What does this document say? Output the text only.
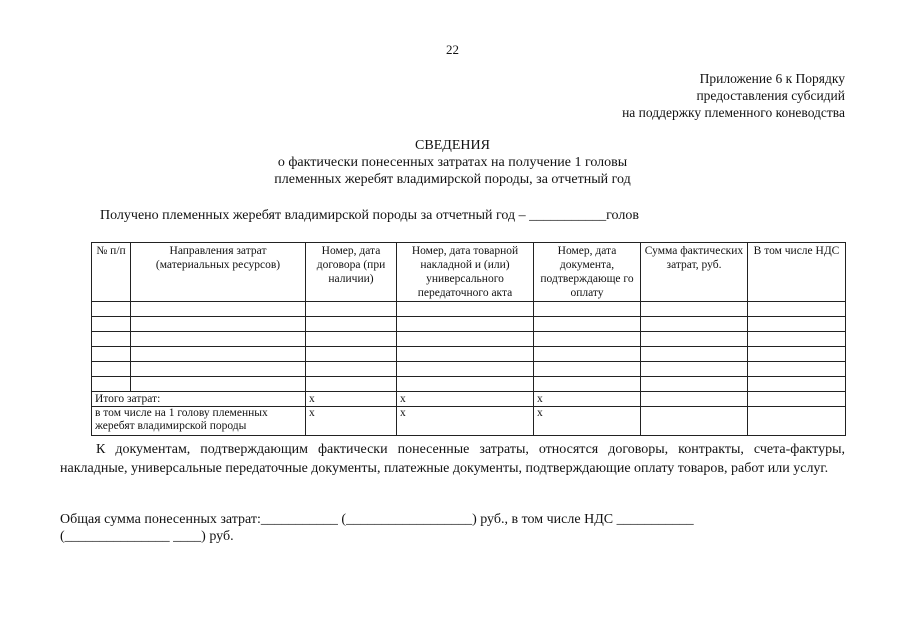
22
Приложение 6 к Порядку
предоставления субсидий
на поддержку племенного коневодства
СВЕДЕНИЯ
о фактически понесенных затратах на получение 1 головы
племенных жеребят владимирской породы, за отчетный год
Получено племенных жеребят владимирской породы за отчетный год – ___________голов
№ п/п	Направления затрат (материальных ресурсов)	Номер, дата договора (при наличии)	Номер, дата товарной накладной и (или) универсального передаточного акта	Номер, дата документа, подтверждающе го оплату	Сумма фактических затрат, руб.	В том числе НДС

Итого затрат:		x	x	x		
в том числе на 1 голову племенных жеребят владимирской породы		x	x	x		
К документам, подтверждающим фактически понесенные затраты, относятся договоры, контракты, счета-фактуры, накладные, универсальные передаточные документы, платежные документы, подтверждающие оплату товаров, работ или услуг.
Общая сумма понесенных затрат:___________ (__________________) руб., в том числе НДС ___________
(_______________ ____) руб.
